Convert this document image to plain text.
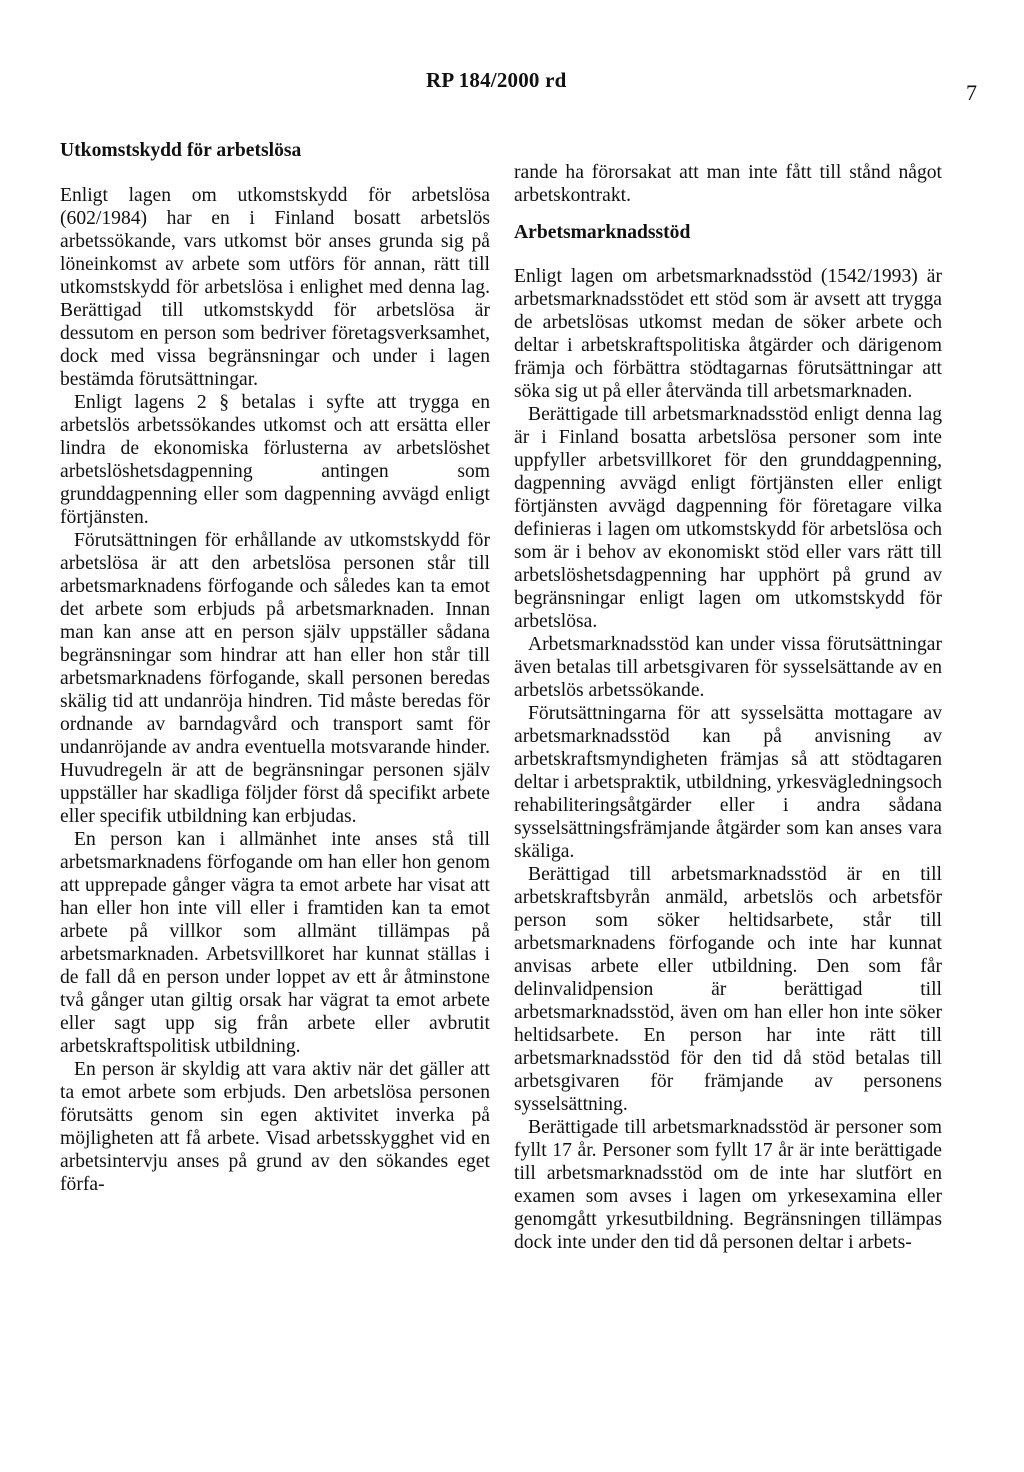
RP 184/2000 rd	7
Utkomstskydd för arbetslösa

Enligt lagen om utkomstskydd för arbetslösa (602/1984) har en i Finland bosatt arbetslös arbetssökande, vars utkomst bör anses grunda sig på löneinkomst av arbete som utförs för annan, rätt till utkomstskydd för arbetslösa i enlighet med denna lag. Berättigad till utkomstskydd för arbetslösa är dessutom en person som bedriver företagsverksamhet, dock med vissa begränsningar och under i lagen bestämda förutsättningar.

Enligt lagens 2 § betalas i syfte att trygga en arbetslös arbetssökandes utkomst och att ersätta eller lindra de ekonomiska förlusterna av arbetslöshet arbetslöshetsdagpenning antingen som grunddagpenning eller som dagpenning avvägd enligt förtjänsten.

Förutsättningen för erhållande av utkomstskydd för arbetslösa är att den arbetslösa personen står till arbetsmarknadens förfogande och således kan ta emot det arbete som erbjuds på arbetsmarknaden. Innan man kan anse att en person själv uppställer sådana begränsningar som hindrar att han eller hon står till arbetsmarknadens förfogande, skall personen beredas skälig tid att undanröja hindren. Tid måste beredas för ordnande av barndagvård och transport samt för undanröjande av andra eventuella motsvarande hinder. Huvudregeln är att de begränsningar personen själv uppställer har skadliga följder först då specifikt arbete eller specifik utbildning kan erbjudas.

En person kan i allmänhet inte anses stå till arbetsmarknadens förfogande om han eller hon genom att upprepade gånger vägra ta emot arbete har visat att han eller hon inte vill eller i framtiden kan ta emot arbete på villkor som allmänt tillämpas på arbetsmarknaden. Arbetsvillkoret har kunnat ställas i de fall då en person under loppet av ett år åtminstone två gånger utan giltig orsak har vägrat ta emot arbete eller sagt upp sig från arbete eller avbrutit arbetskraftspolitisk utbildning.

En person är skyldig att vara aktiv när det gäller att ta emot arbete som erbjuds. Den arbetslösa personen förutsätts genom sin egen aktivitet inverka på möjligheten att få arbete. Visad arbetsskygghet vid en arbetsintervju anses på grund av den sökandes eget förfa-

rande ha förorsakat att man inte fått till stånd något arbetskontrakt.

Arbetsmarknadsstöd

Enligt lagen om arbetsmarknadsstöd (1542/1993) är arbetsmarknadsstödet ett stöd som är avsett att trygga de arbetslösas utkomst medan de söker arbete och deltar i arbetskraftspolitiska åtgärder och därigenom främja och förbättra stödtagarnas förutsättningar att söka sig ut på eller återvända till arbetsmarknaden.

Berättigade till arbetsmarknadsstöd enligt denna lag är i Finland bosatta arbetslösa personer som inte uppfyller arbetsvillkoret för den grunddagpenning, dagpenning avvägd enligt förtjänsten eller enligt förtjänsten avvägd dagpenning för företagare vilka definieras i lagen om utkomstskydd för arbetslösa och som är i behov av ekonomiskt stöd eller vars rätt till arbetslöshetsdagpenning har upphört på grund av begränsningar enligt lagen om utkomstskydd för arbetslösa.

Arbetsmarknadsstöd kan under vissa förutsättningar även betalas till arbetsgivaren för sysselsättande av en arbetslös arbetssökande.

Förutsättningarna för att sysselsätta mottagare av arbetsmarknadsstöd kan på anvisning av arbetskraftsmyndigheten främjas så att stödtagaren deltar i arbetspraktik, utbildning, yrkesvägledningsoch rehabiliteringsåtgärder eller i andra sådana sysselsättningsfrämjande åtgärder som kan anses vara skäliga.

Berättigad till arbetsmarknadsstöd är en till arbetskraftsbyrån anmäld, arbetslös och arbetsför person som söker heltidsarbete, står till arbetsmarknadens förfogande och inte har kunnat anvisas arbete eller utbildning. Den som får delinvalidpension är berättigad till arbetsmarknadsstöd, även om han eller hon inte söker heltidsarbete. En person har inte rätt till arbetsmarknadsstöd för den tid då stöd betalas till arbetsgivaren för främjande av personens sysselsättning.

Berättigade till arbetsmarknadsstöd är personer som fyllt 17 år. Personer som fyllt 17 år är inte berättigade till arbetsmarknadsstöd om de inte har slutfört en examen som avses i lagen om yrkesexamina eller genomgått yrkesutbildning. Begränsningen tillämpas dock inte under den tid då personen deltar i arbets-
